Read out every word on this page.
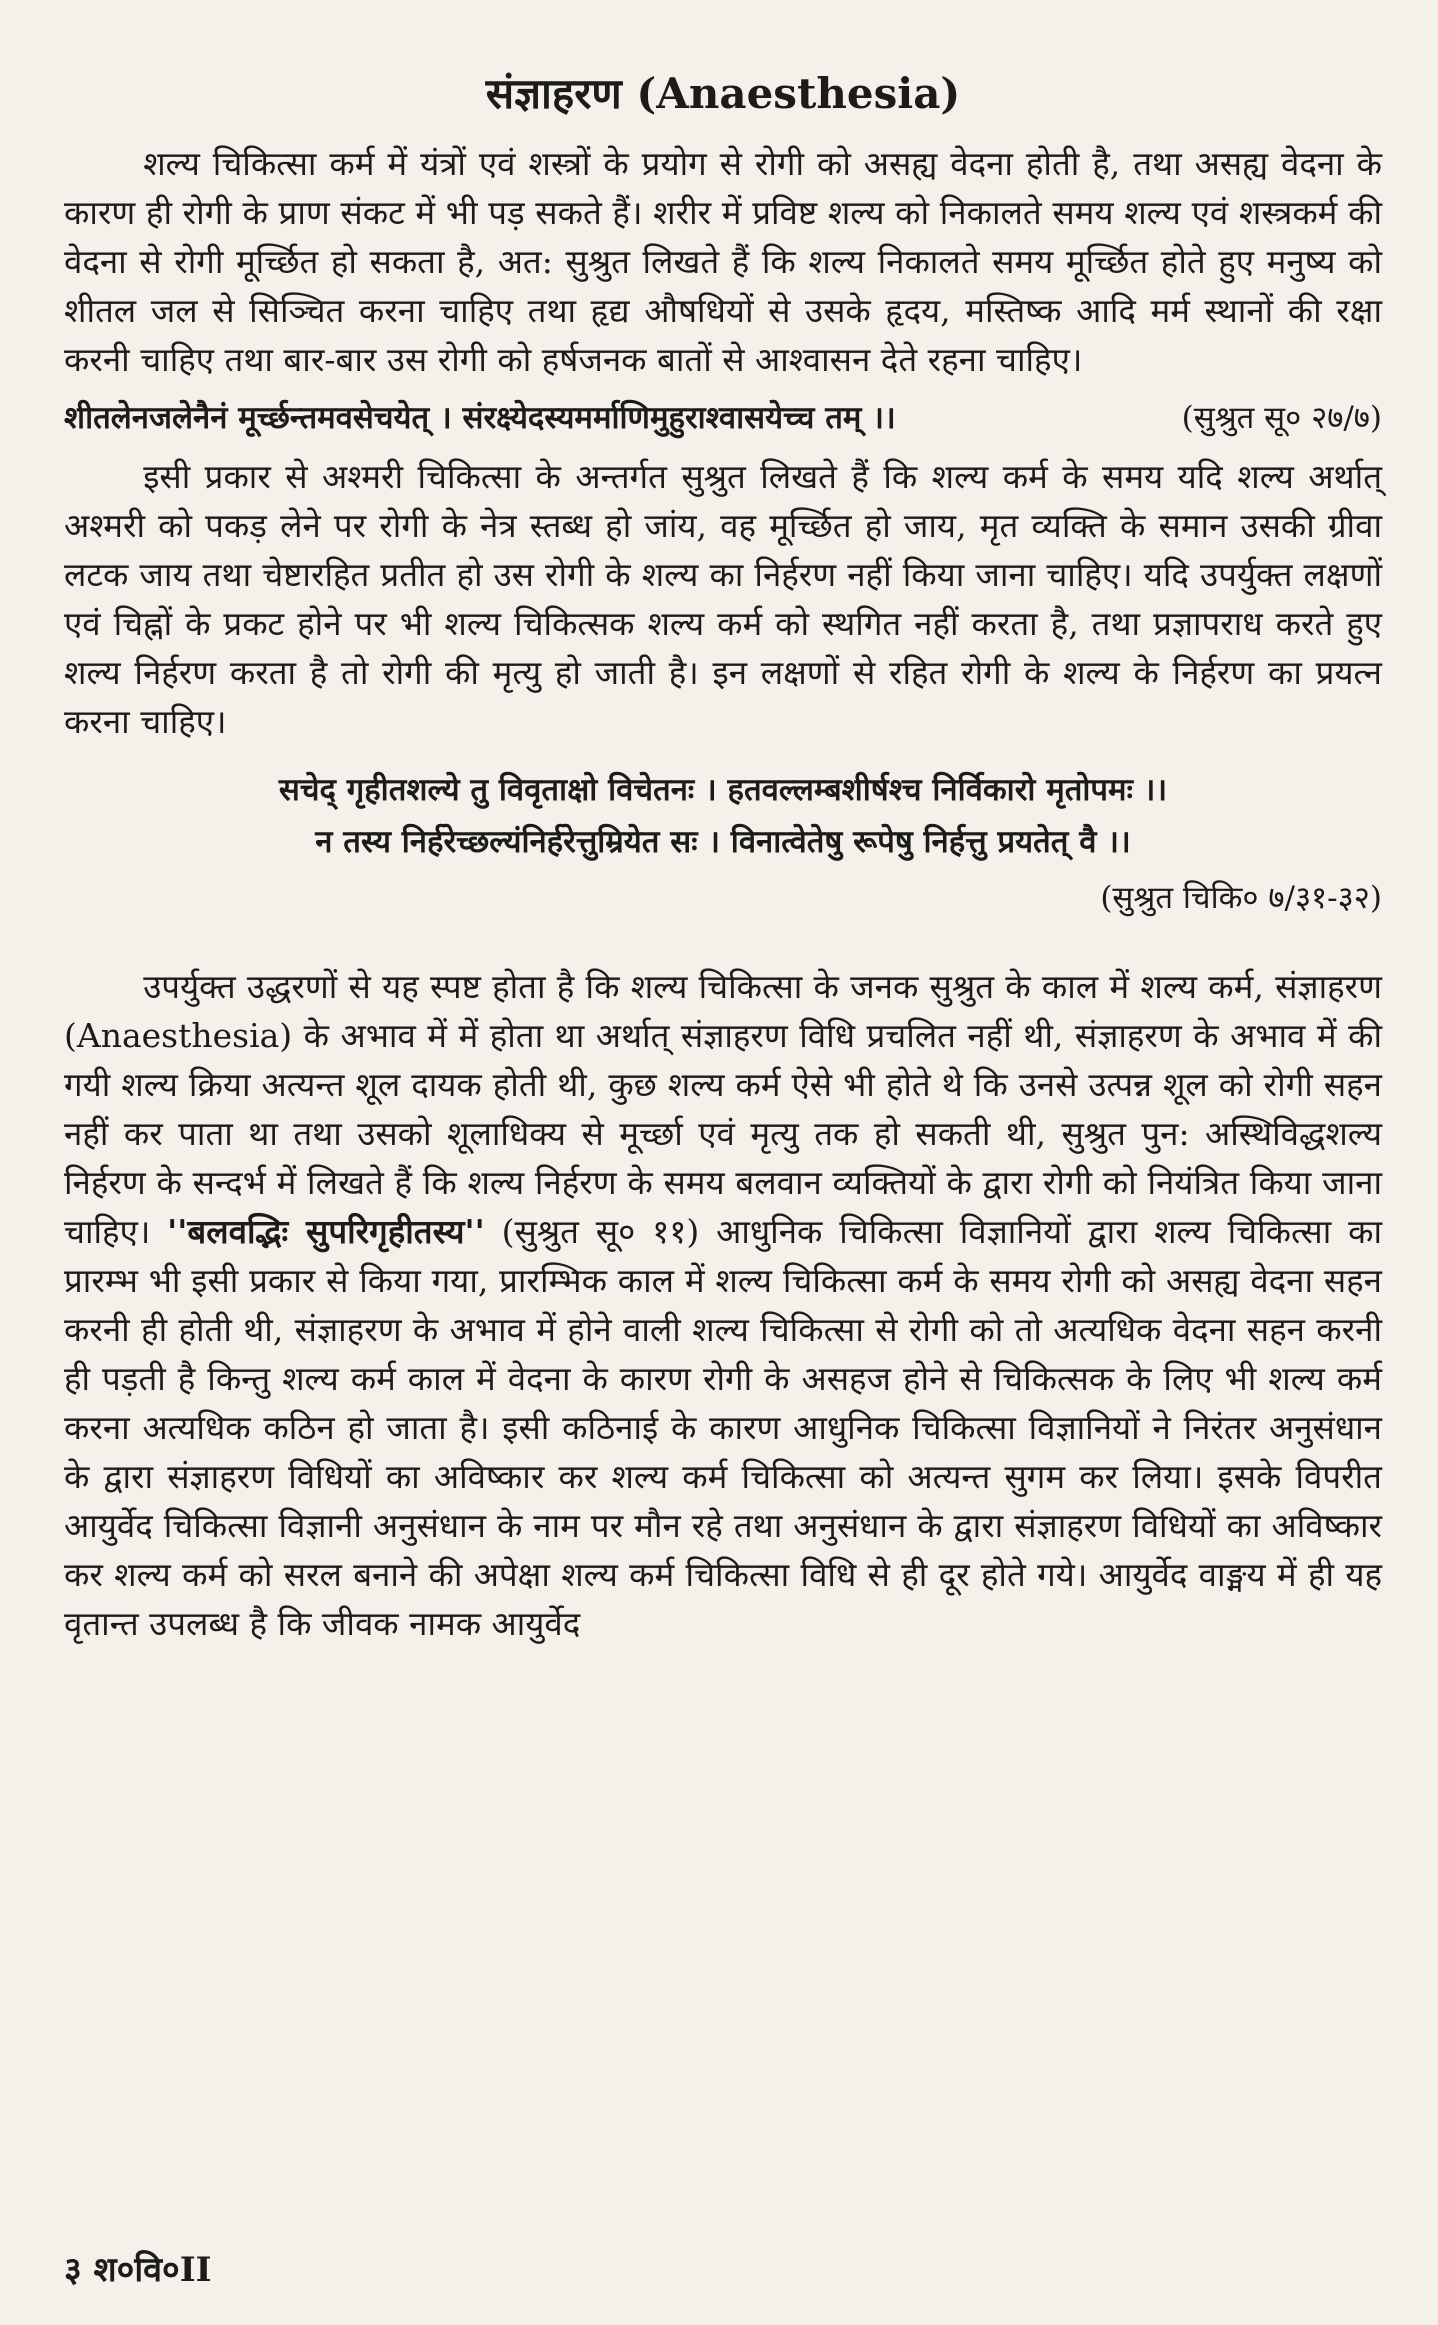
संज्ञाहरण (Anaesthesia)

शल्य चिकित्सा कर्म में यंत्रों एवं शस्त्रों के प्रयोग से रोगी को असह्य वेदना होती है, तथा असह्य वेदना के कारण ही रोगी के प्राण संकट में भी पड़ सकते हैं। शरीर में प्रविष्ट शल्य को निकालते समय शल्य एवं शस्त्रकर्म की वेदना से रोगी मूर्च्छित हो सकता है, अत: सुश्रुत लिखते हैं कि शल्य निकालते समय मूर्च्छित होते हुए मनुष्य को शीतल जल से सिञ्चित करना चाहिए तथा हृद्य औषधियों से उसके हृदय, मस्तिष्क आदि मर्म स्थानों की रक्षा करनी चाहिए तथा बार-बार उस रोगी को हर्षजनक बातों से आश्वासन देते रहना चाहिए।

शीतलेनजलेनैनं मूर्च्छन्तमवसेचयेत् । संरक्ष्येदस्यमर्माणिमुहुराश्वासयेच्च तम् ।।	(सुश्रुत सू० २७/७)

इसी प्रकार से अश्मरी चिकित्सा के अन्तर्गत सुश्रुत लिखते हैं कि शल्य कर्म के समय यदि शल्य अर्थात् अश्मरी को पकड़ लेने पर रोगी के नेत्र स्तब्ध हो जांय, वह मूर्च्छित हो जाय, मृत व्यक्ति के समान उसकी ग्रीवा लटक जाय तथा चेष्टारहित प्रतीत हो उस रोगी के शल्य का निर्हरण नहीं किया जाना चाहिए। यदि उपर्युक्त लक्षणों एवं चिह्नों के प्रकट होने पर भी शल्य चिकित्सक शल्य कर्म को स्थगित नहीं करता है, तथा प्रज्ञापराध करते हुए शल्य निर्हरण करता है तो रोगी की मृत्यु हो जाती है। इन लक्षणों से रहित रोगी के शल्य के निर्हरण का प्रयत्न करना चाहिए।

सचेद् गृहीतशल्ये तु विवृताक्षो विचेतनः । हतवल्लम्बशीर्षश्च निर्विकारो मृतोपमः ।।

न तस्य निर्हरेच्छल्यंनिर्हरेत्तुम्रियेत सः । विनात्वेतेषु रूपेषु निर्हत्तु प्रयतेत् वै ।।

(सुश्रुत चिकि० ७/३१-३२)

उपर्युक्त उद्धरणों से यह स्पष्ट होता है कि शल्य चिकित्सा के जनक सुश्रुत के काल में शल्य कर्म, संज्ञाहरण (Anaesthesia) के अभाव में में होता था अर्थात् संज्ञाहरण विधि प्रचलित नहीं थी, संज्ञाहरण के अभाव में की गयी शल्य क्रिया अत्यन्त शूल दायक होती थी, कुछ शल्य कर्म ऐसे भी होते थे कि उनसे उत्पन्न शूल को रोगी सहन नहीं कर पाता था तथा उसको शूलाधिक्य से मूर्च्छा एवं मृत्यु तक हो सकती थी, सुश्रुत पुन: अस्थिविद्धशल्य निर्हरण के सन्दर्भ में लिखते हैं कि शल्य निर्हरण के समय बलवान व्यक्तियों के द्वारा रोगी को नियंत्रित किया जाना चाहिए। ''बलवद्भिः सुपरिगृहीतस्य'' (सुश्रुत सू० ११) आधुनिक चिकित्सा विज्ञानियों द्वारा शल्य चिकित्सा का प्रारम्भ भी इसी प्रकार से किया गया, प्रारम्भिक काल में शल्य चिकित्सा कर्म के समय रोगी को असह्य वेदना सहन करनी ही होती थी, संज्ञाहरण के अभाव में होने वाली शल्य चिकित्सा से रोगी को तो अत्यधिक वेदना सहन करनी ही पड़ती है किन्तु शल्य कर्म काल में वेदना के कारण रोगी के असहज होने से चिकित्सक के लिए भी शल्य कर्म करना अत्यधिक कठिन हो जाता है। इसी कठिनाई के कारण आधुनिक चिकित्सा विज्ञानियों ने निरंतर अनुसंधान के द्वारा संज्ञाहरण विधियों का अविष्कार कर शल्य कर्म चिकित्सा को अत्यन्त सुगम कर लिया। इसके विपरीत आयुर्वेद चिकित्सा विज्ञानी अनुसंधान के नाम पर मौन रहे तथा अनुसंधान के द्वारा संज्ञाहरण विधियों का अविष्कार कर शल्य कर्म को सरल बनाने की अपेक्षा शल्य कर्म चिकित्सा विधि से ही दूर होते गये। आयुर्वेद वाङ्मय में ही यह वृतान्त उपलब्ध है कि जीवक नामक आयुर्वेद

३ श०वि०II
